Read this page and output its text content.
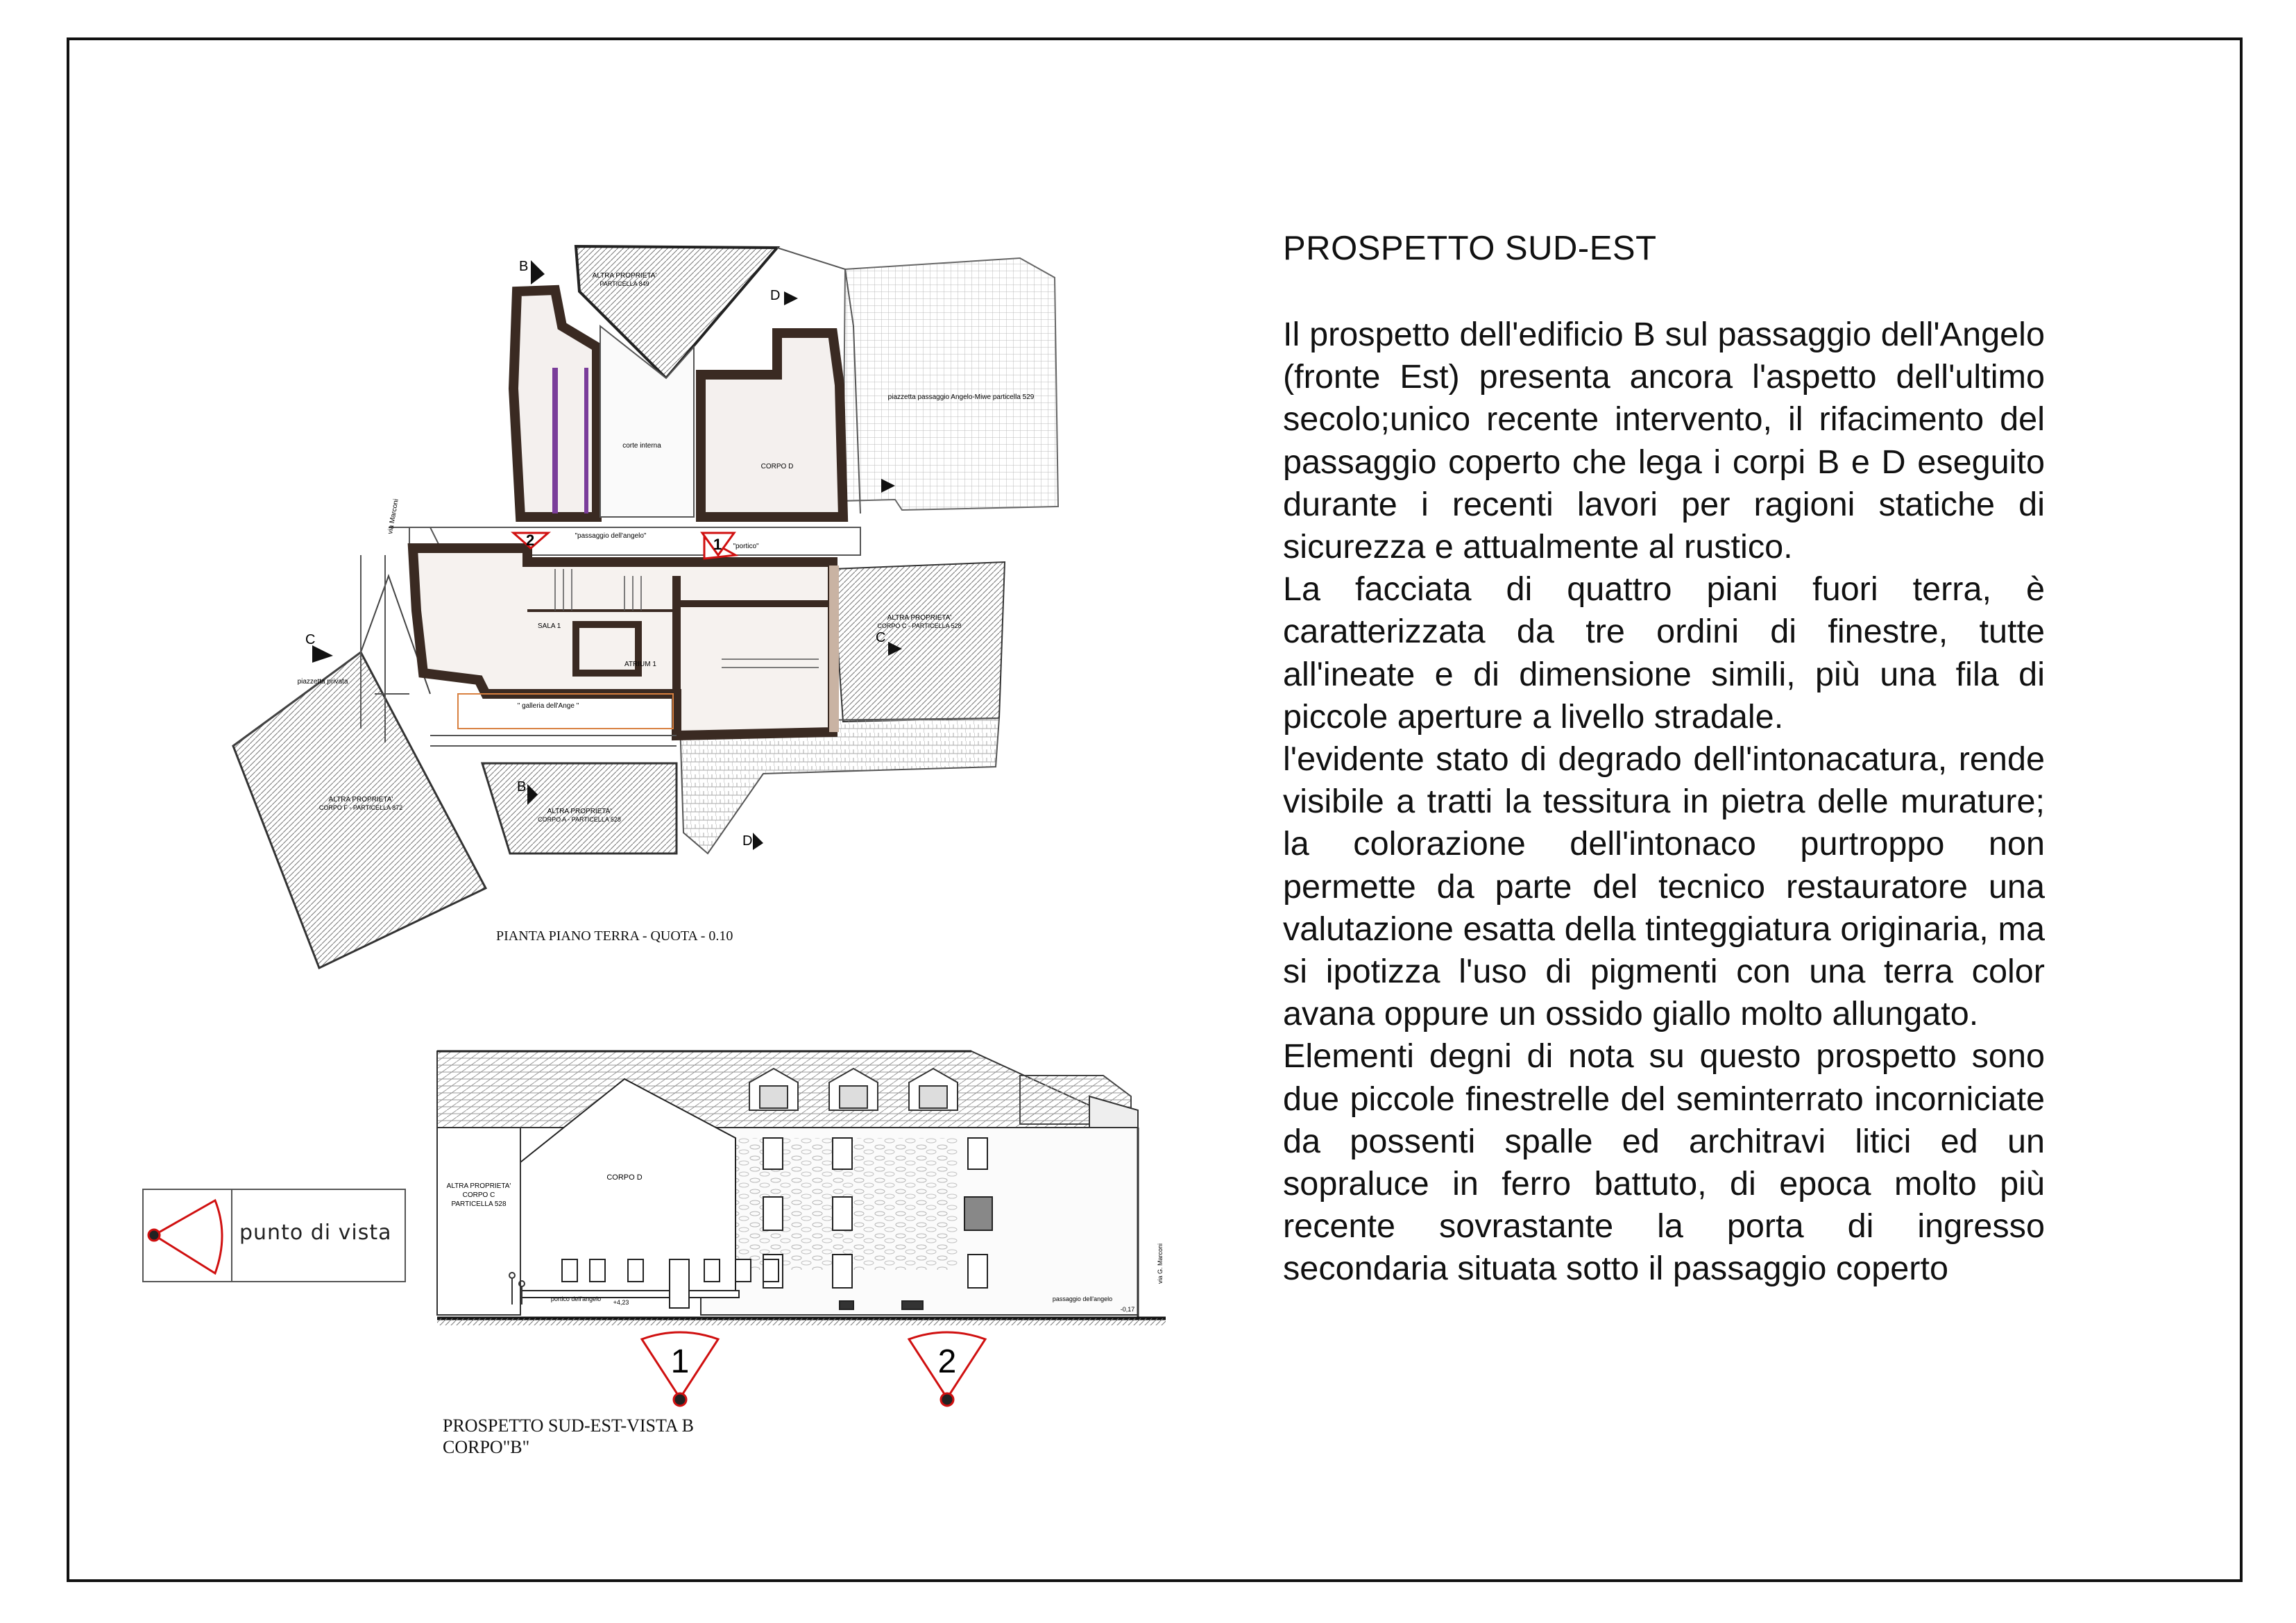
B
D
C	C
B
D
2	1
ALTRA PROPRIETA'
PARTICELLA 849
corte interna
CORPO D
piazzetta passaggio Angelo-Miwe particella 529
"passaggio dell'angelo"
"portico"
" galleria dell'Ange "
piazzetta privata
ALTRA PROPRIETA'
CORPO C - PARTICELLA 528
ALTRA PROPRIETA'
CORPO A - PARTICELLA 528
ALTRA PROPRIETA'
CORPO F - PARTICELLA 872
SALA 1
ATRIUM 1
via Marconi
ALTRA PROPRIETA'
CORPO C
PARTICELLA 528
CORPO D
portico dell'angelo +4,23	passaggio dell'angelo
-0,17
via G. Marconi
1	2
PROSPETTO SUD-EST

Il prospetto dell'edificio B sul passaggio dell'Angelo (fronte Est) presenta ancora l'aspetto dell'ultimo secolo;unico recente intervento, il rifacimento del passaggio coperto che lega i corpi B e D eseguito durante i recenti lavori per ragioni statiche di sicurezza e attualmente al rustico.

La facciata di quattro piani fuori terra, è caratterizzata da tre ordini di finestre, tutte all'ineate e di dimensione simili, più una fila di piccole aperture a livello stradale.

l'evidente stato di degrado dell'intonacatura, rende visibile a tratti la tessitura in pietra delle murature; la colorazione dell'intonaco purtroppo non permette da parte del tecnico restauratore una valutazione esatta della tinteggiatura originaria, ma si ipotizza l'uso di pigmenti con una terra color avana oppure un ossido giallo molto allungato.

Elementi degni di nota su questo prospetto sono due piccole finestrelle del seminterrato incorniciate da possenti spalle ed architravi litici ed un sopraluce in ferro battuto, di epoca molto più recente sovrastante la porta di ingresso secondaria situata sotto il passaggio coperto

PIANTA PIANO TERRA - QUOTA - 0.10
PROSPETTO SUD-EST-VISTA B
CORPO"B"
punto di vista
